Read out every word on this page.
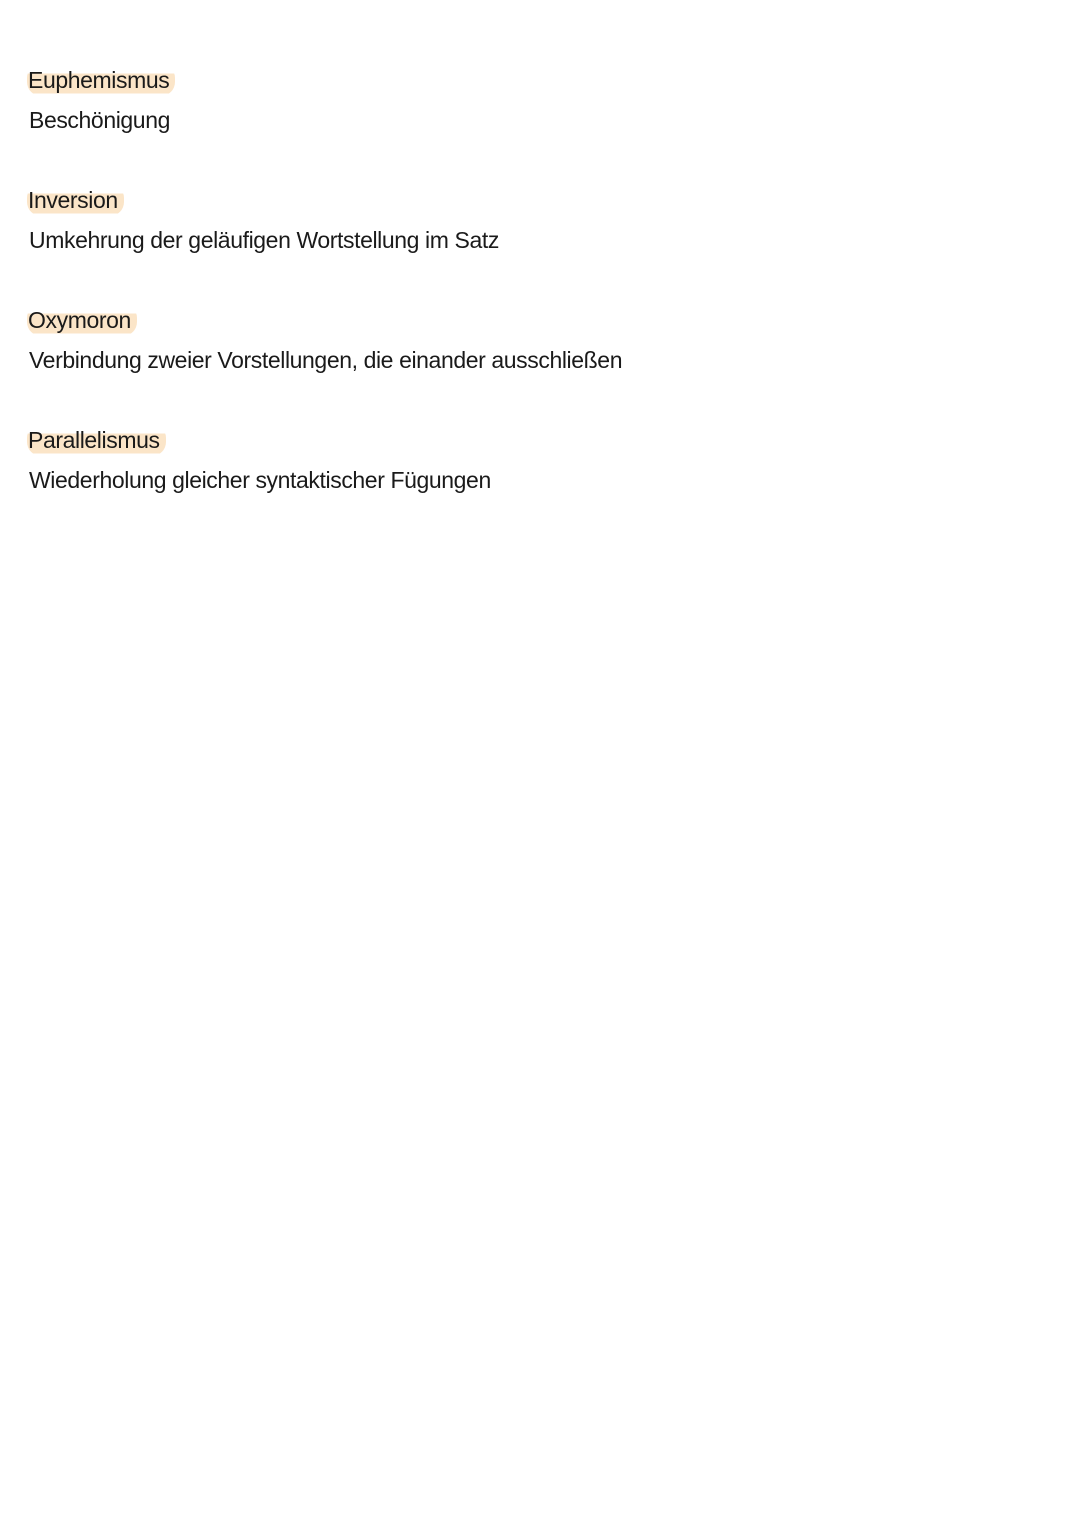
Euphemismus
Beschönigung
Inversion
Umkehrung der geläufigen Wortstellung im Satz
Oxymoron
Verbindung zweier Vorstellungen, die einander ausschließen
Parallelismus
Wiederholung gleicher syntaktischer Fügungen
